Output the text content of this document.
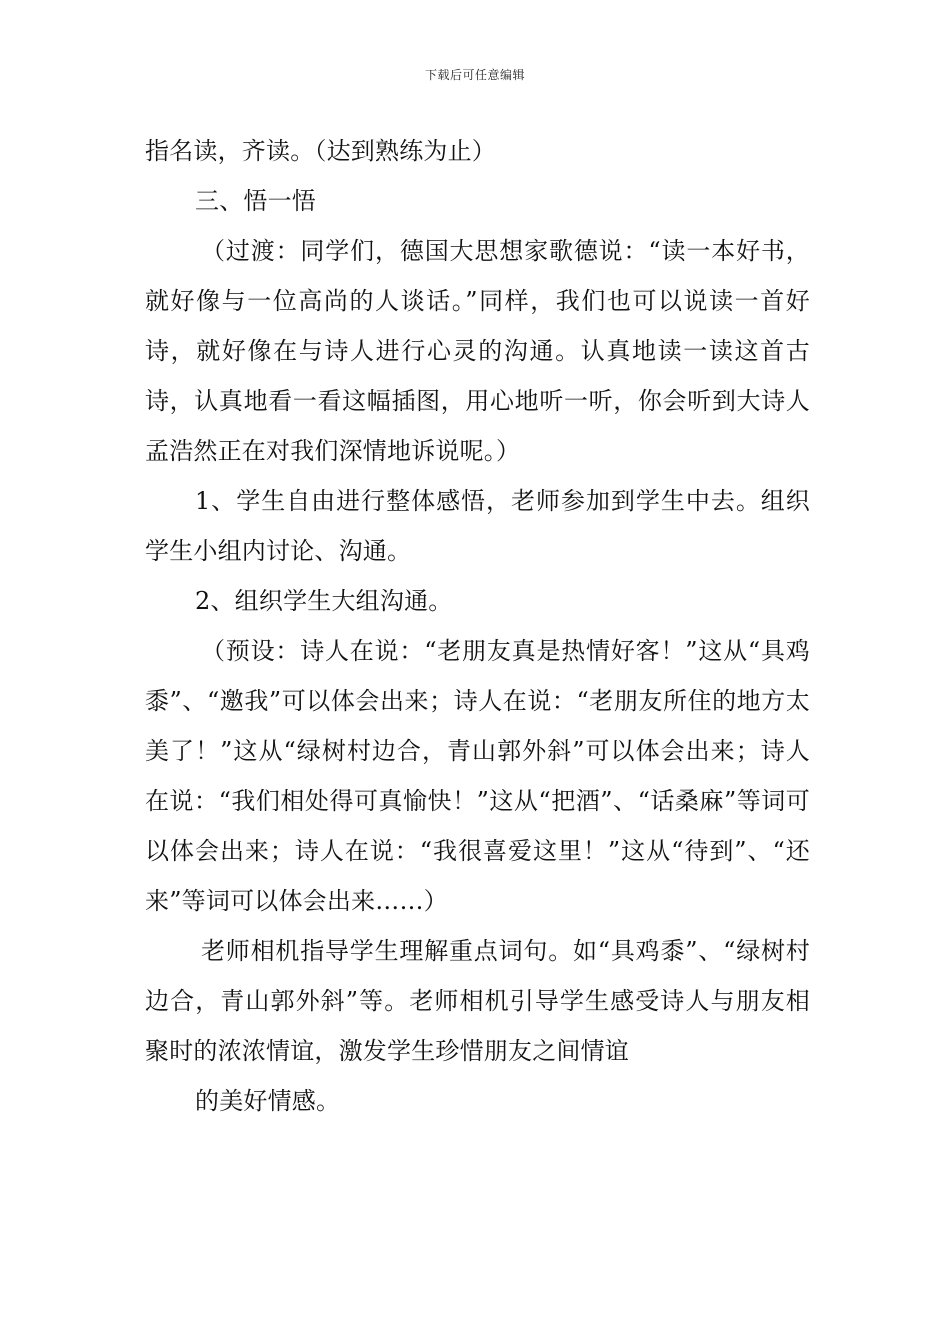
下载后可任意编辑

指名读，齐读。（达到熟练为止）

三、悟一悟

（过渡：同学们，德国大思想家歌德说：“读一本好书，就好像与一位高尚的人谈话。”同样，我们也可以说读一首好诗，就好像在与诗人进行心灵的沟通。认真地读一读这首古诗，认真地看一看这幅插图，用心地听一听，你会听到大诗人孟浩然正在对我们深情地诉说呢。）

1、学生自由进行整体感悟，老师参加到学生中去。组织学生小组内讨论、沟通。

2、组织学生大组沟通。

（预设：诗人在说：“老朋友真是热情好客！”这从“具鸡黍”、“邀我”可以体会出来；诗人在说：“老朋友所住的地方太美了！”这从“绿树村边合，青山郭外斜”可以体会出来；诗人在说：“我们相处得可真愉快！”这从“把酒”、“话桑麻”等词可以体会出来；诗人在说：“我很喜爱这里！”这从“待到”、“还来”等词可以体会出来……）

老师相机指导学生理解重点词句。如“具鸡黍”、“绿树村边合，青山郭外斜”等。老师相机引导学生感受诗人与朋友相聚时的浓浓情谊，激发学生珍惜朋友之间情谊

的美好情感。
